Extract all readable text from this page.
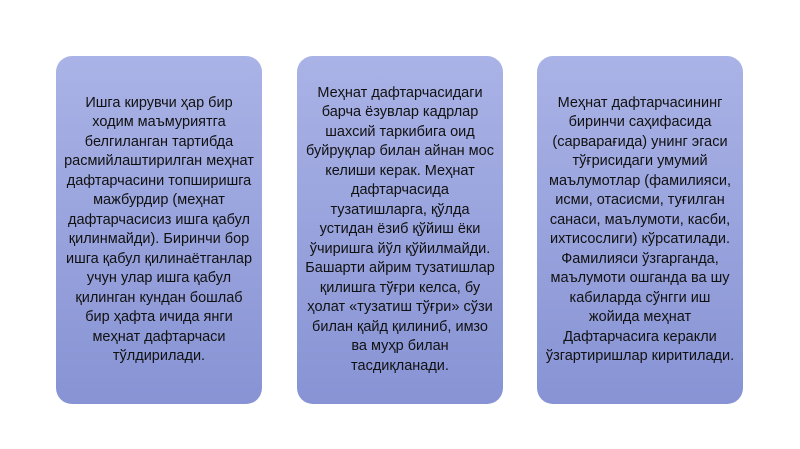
Ишга кирувчи ҳар бир ходим маъмуриятга белгиланган тартибда расмийлаштирилган меҳнат дафтарчасини топширишга мажбурдир (меҳнат дафтарчасисиз ишга қабул қилинмайди). Биринчи бор ишга қабул қилинаётганлар учун улар ишга қабул қилинган кундан бошлаб бир ҳафта ичида янги меҳнат дафтарчаси тўлдирилади.

Меҳнат дафтарчасидаги барча ёзувлар кадрлар шахсий таркибига оид буйруқлар билан айнан мос келиши керак. Меҳнат дафтарчасида тузатишларга, қўлда устидан ёзиб қўйиш ёки ўчиришга йўл қўйилмайди. Башарти айрим тузатишлар қилишга тўғри келса, бу ҳолат «тузатиш тўғри» сўзи билан қайд қилиниб, имзо ва муҳр билан тасдиқланади.

Меҳнат дафтарчасининг биринчи саҳифасида (сарварағида) унинг эгаси тўғрисидаги умумий маълумотлар (фамилияси, исми, отасисми, туғилган санаси, маълумоти, касби, ихтисослиги) кўрсатилади. Фамилияси ўзгарганда, маълумоти ошганда ва шу кабиларда сўнгги иш жойида меҳнат Дафтарчасига керакли ўзгартиришлар киритилади.
